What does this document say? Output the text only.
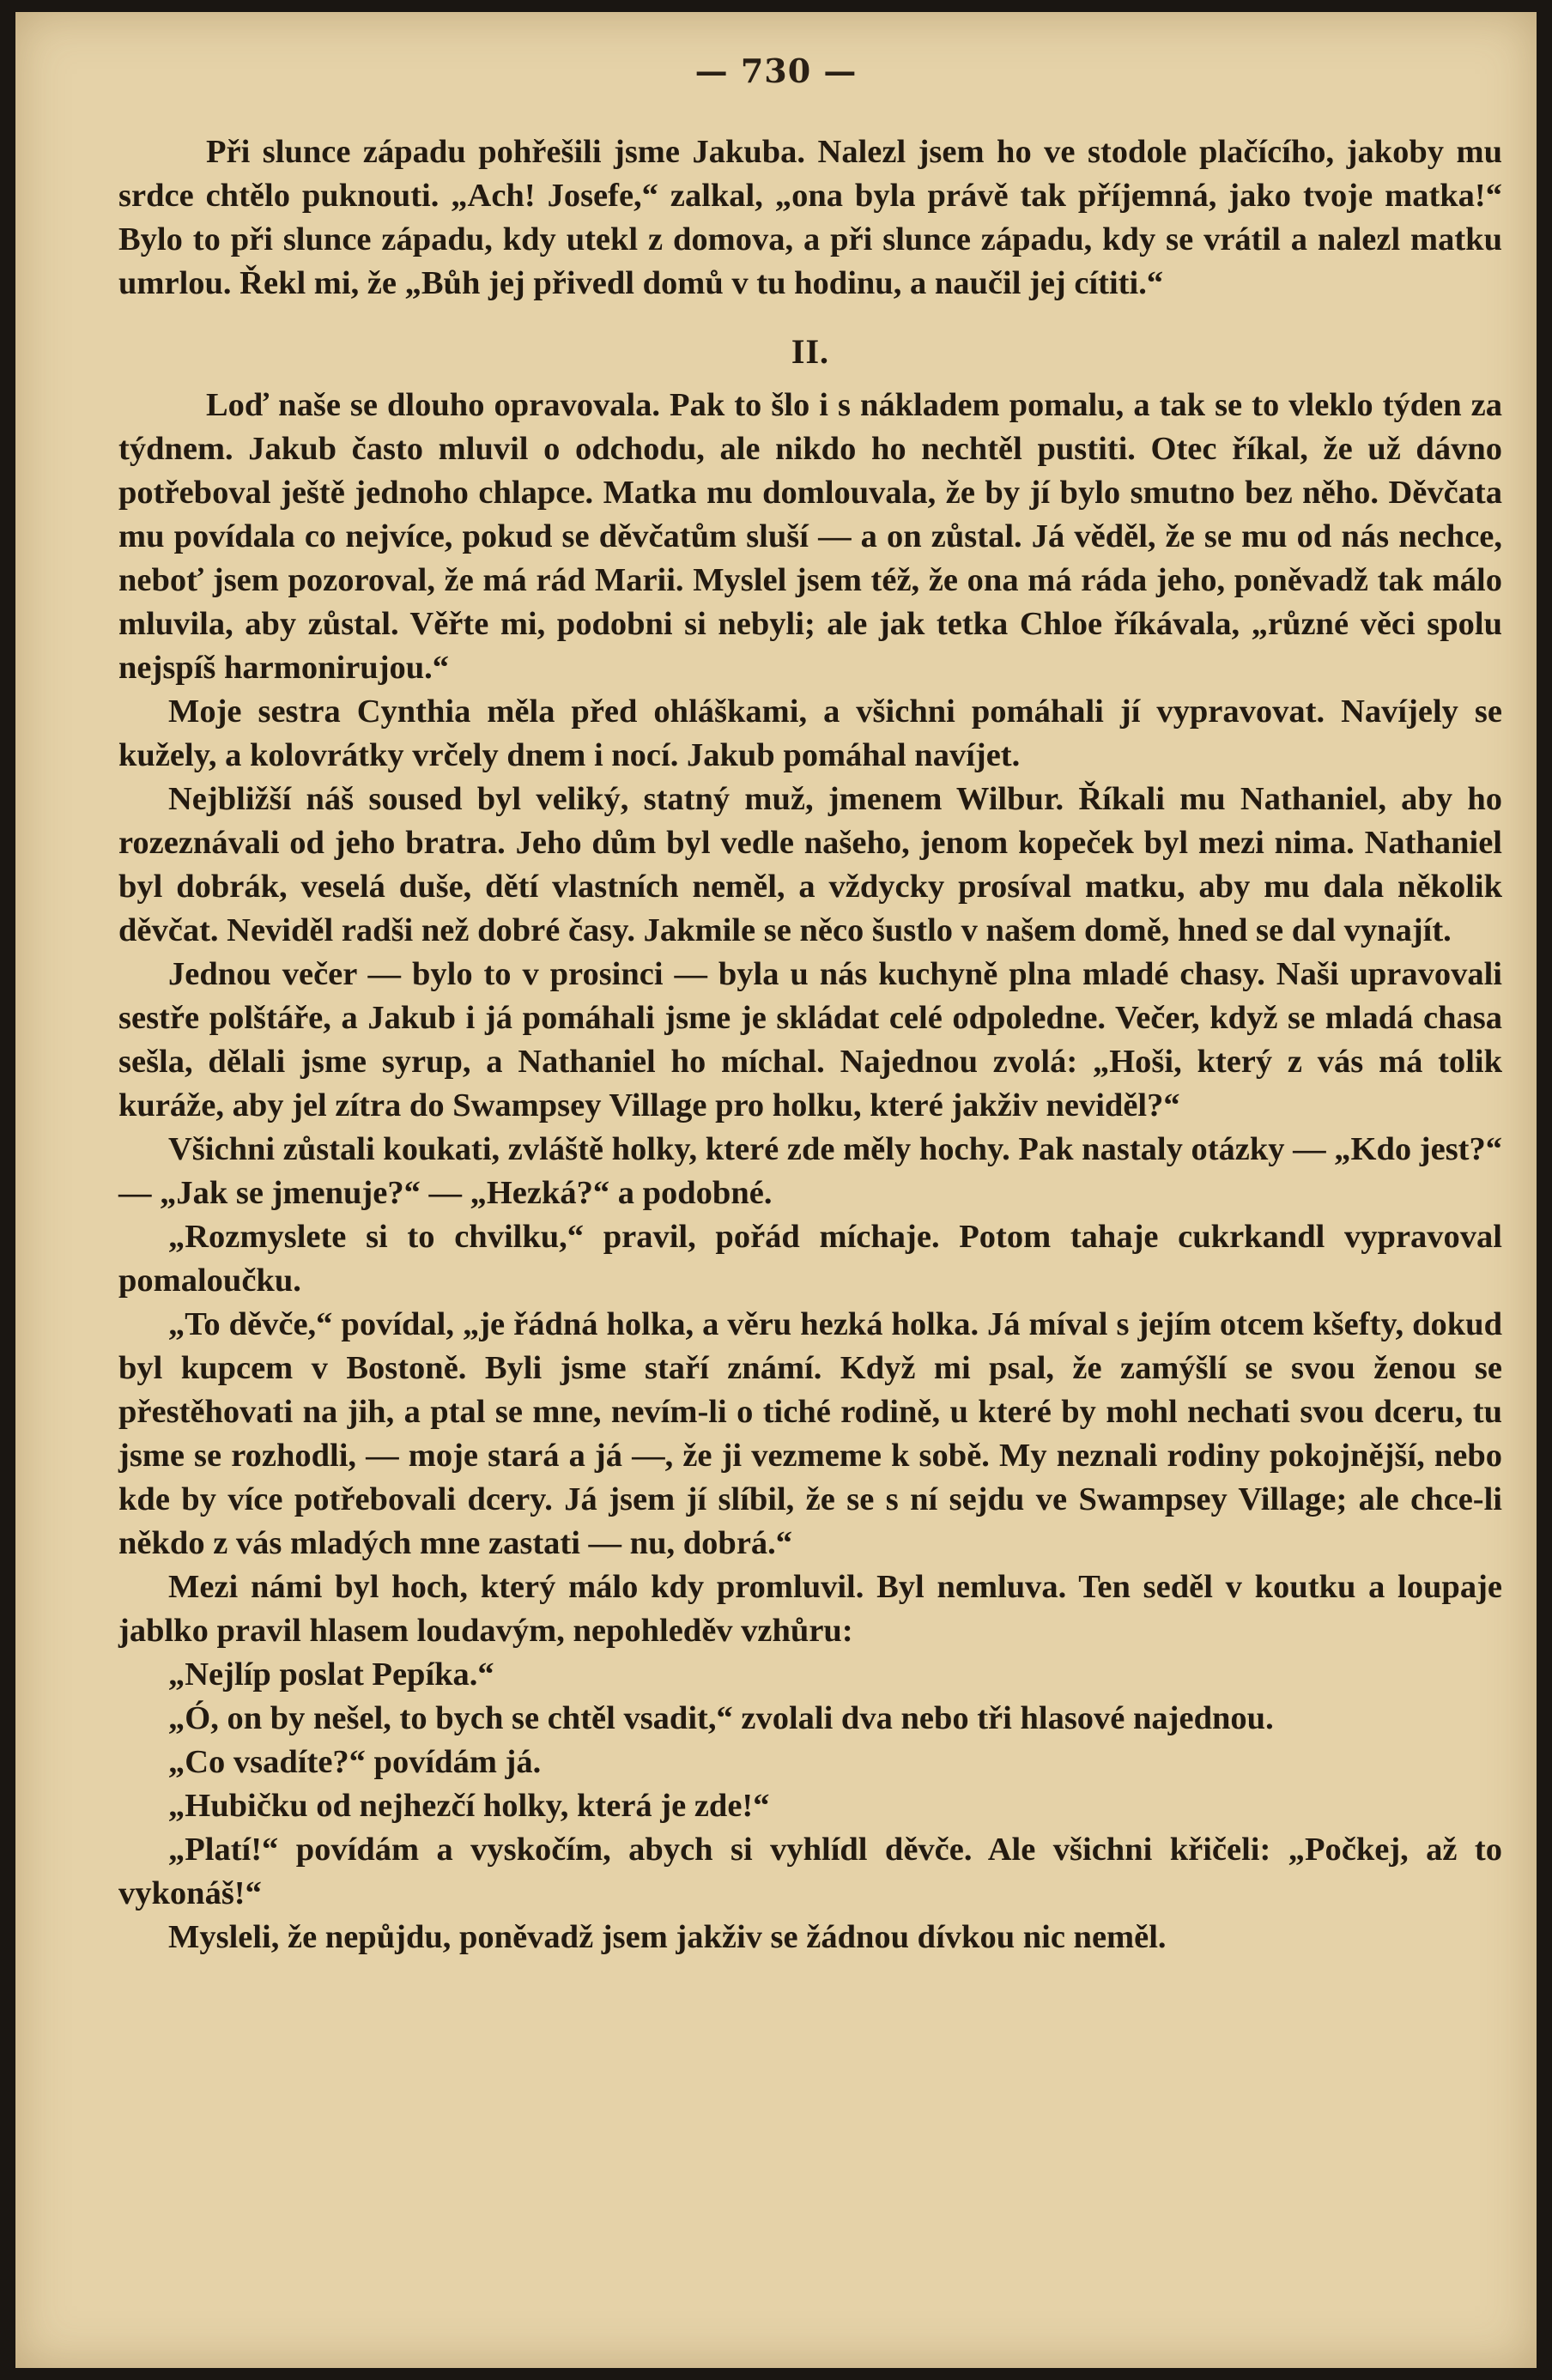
— 730 —

Při slunce západu pohřešili jsme Jakuba. Nalezl jsem ho ve stodole plačícího, jakoby mu srdce chtělo puknouti. „Ach! Josefe,“ zalkal, „ona byla právě tak příjemná, jako tvoje matka!“ Bylo to při slunce západu, kdy utekl z domova, a při slunce západu, kdy se vrátil a nalezl matku umrlou. Řekl mi, že „Bůh jej přivedl domů v tu hodinu, a naučil jej cítiti.“

II.

Loď naše se dlouho opravovala. Pak to šlo i s nákladem pomalu, a tak se to vleklo týden za týdnem. Jakub často mluvil o odchodu, ale nikdo ho nechtěl pustiti. Otec říkal, že už dávno potřeboval ještě jednoho chlapce. Matka mu domlouvala, že by jí bylo smutno bez něho. Děvčata mu povídala co nejvíce, pokud se děvčatům sluší — a on zůstal. Já věděl, že se mu od nás nechce, neboť jsem pozoroval, že má rád Marii. Myslel jsem též, že ona má ráda jeho, poněvadž tak málo mluvila, aby zůstal. Věřte mi, podobni si nebyli; ale jak tetka Chloe říkávala, „různé věci spolu nejspíš harmonirujou.“

Moje sestra Cynthia měla před ohláškami, a všichni pomáhali jí vypravovat. Navíjely se kužely, a kolovrátky vrčely dnem i nocí. Jakub pomáhal navíjet.

Nejbližší náš soused byl veliký, statný muž, jmenem Wilbur. Říkali mu Nathaniel, aby ho rozeznávali od jeho bratra. Jeho dům byl vedle našeho, jenom kopeček byl mezi nima. Nathaniel byl dobrák, veselá duše, dětí vlastních neměl, a vždycky prosíval matku, aby mu dala několik děvčat. Neviděl radši než dobré časy. Jakmile se něco šustlo v našem domě, hned se dal vynajít.

Jednou večer — bylo to v prosinci — byla u nás kuchyně plna mladé chasy. Naši upravovali sestře polštáře, a Jakub i já pomáhali jsme je skládat celé odpoledne. Večer, když se mladá chasa sešla, dělali jsme syrup, a Nathaniel ho míchal. Najednou zvolá: „Hoši, který z vás má tolik kuráže, aby jel zítra do Swampsey Village pro holku, které jakživ neviděl?“

Všichni zůstali koukati, zvláště holky, které zde měly hochy. Pak nastaly otázky — „Kdo jest?“ — „Jak se jmenuje?“ — „Hezká?“ a podobné.

„Rozmyslete si to chvilku,“ pravil, pořád míchaje. Potom tahaje cukrkandl vypravoval pomaloučku.

„To děvče,“ povídal, „je řádná holka, a věru hezká holka. Já míval s jejím otcem kšefty, dokud byl kupcem v Bostoně. Byli jsme staří známí. Když mi psal, že zamýšlí se svou ženou se přestěhovati na jih, a ptal se mne, nevím-li o tiché rodině, u které by mohl nechati svou dceru, tu jsme se rozhodli, — moje stará a já —, že ji vezmeme k sobě. My neznali rodiny pokojnější, nebo kde by více potřebovali dcery. Já jsem jí slíbil, že se s ní sejdu ve Swampsey Village; ale chce-li někdo z vás mladých mne zastati — nu, dobrá.“

Mezi námi byl hoch, který málo kdy promluvil. Byl nemluva. Ten seděl v koutku a loupaje jablko pravil hlasem loudavým, nepohleděv vzhůru:

„Nejlíp poslat Pepíka.“

„Ó, on by nešel, to bych se chtěl vsadit,“ zvolali dva nebo tři hlasové najednou.

„Co vsadíte?“ povídám já.

„Hubičku od nejhezčí holky, která je zde!“

„Platí!“ povídám a vyskočím, abych si vyhlídl děvče. Ale všichni křičeli: „Počkej, až to vykonáš!“

Mysleli, že nepůjdu, poněvadž jsem jakživ se žádnou dívkou nic neměl.
